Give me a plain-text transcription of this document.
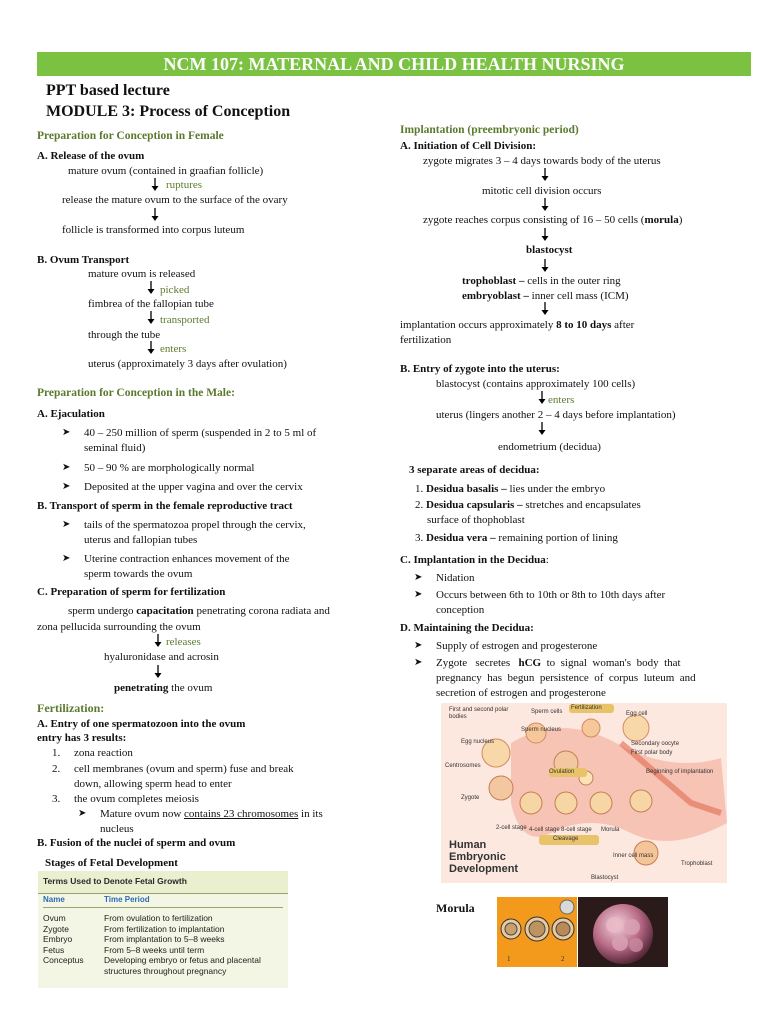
NCM 107: MATERNAL AND CHILD HEALTH NURSING
PPT based lecture
MODULE 3: Process of Conception
Preparation for Conception in Female
A. Release of the ovum
mature ovum (contained in graafian follicle)
ruptures
release the mature ovum to the surface of the ovary
follicle is transformed into corpus luteum
B. Ovum Transport
mature ovum is released
picked
fimbrea of the fallopian tube
transported
through the tube
enters
uterus (approximately 3 days after ovulation)
Preparation for Conception in the Male:
A. Ejaculation
➤ 40 – 250 million of sperm (suspended in 2 to 5 ml of
seminal fluid)
➤ 50 – 90 % are morphologically normal
➤ Deposited at the upper vagina and over the cervix
B. Transport of sperm in the female reproductive tract
➤ tails of the spermatozoa propel through the cervix,
uterus and fallopian tubes
➤ Uterine contraction enhances movement of the
sperm towards the ovum
C. Preparation of sperm for fertilization
sperm undergo capacitation penetrating corona radiata and
zona pellucida surrounding the ovum
releases
hyaluronidase and acrosin
penetrating the ovum
Fertilization:
A. Entry of one spermatozoon into the ovum
entry has 3 results:
1. zona reaction
2. cell membranes (ovum and sperm) fuse and break
down, allowing sperm head to enter
3. the ovum completes meiosis
➤ Mature ovum now contains 23 chromosomes in its
nucleus
B. Fusion of the nuclei of sperm and ovum
Stages of Fetal Development
Terms Used to Denote Fetal Growth
Name	Time Period
Ovum	From ovulation to fertilization
Zygote	From fertilization to implantation
Embryo	From implantation to 5–8 weeks
Fetus	From 5–8 weeks until term
Conceptus Developing embryo or fetus and placental
structures throughout pregnancy
Implantation (preembryonic period)
A. Initiation of Cell Division:
zygote migrates 3 – 4 days towards body of the uterus
mitotic cell division occurs
zygote reaches corpus consisting of 16 – 50 cells (morula)
blastocyst
trophoblast – cells in the outer ring
embryoblast – inner cell mass (ICM)
implantation occurs approximately 8 to 10 days after
fertilization
B. Entry of zygote into the uterus:
blastocyst (contains approximately 100 cells)
enters
uterus (lingers another 2 – 4 days before implantation)
endometrium (decidua)
3 separate areas of decidua:
1. Desidua basalis – lies under the embryo
2. Desidua capsularis – stretches and encapsulates
surface of thophoblast
3. Desidua vera – remaining portion of lining
C. Implantation in the Decidua:
➤ Nidation
➤ Occurs between 6th to 10th or 8th to 10th days after
conception
D. Maintaining the Decidua:
➤ Supply of estrogen and progesterone
➤ Zygote   secretes   hCG  to  signal  woman's  body  that
pregnancy  has  begun  persistence  of  corpus  luteum  and
secretion of estrogen and progesterone
First and second polar bodies
Sperm cells
Fertilization
Egg cell
Sperm nucleus
Egg nucleus	Secondary oocyte
First polar body
Centrosomes
Ovulation
Zygote
2-cell stage 4-cell stage 8-cell stage Morula
Cleavage
Beginning of implantation
Inner cell mass
Trophoblast
Blastocyst
Human
Embryonic
Development
Morula
1	2
